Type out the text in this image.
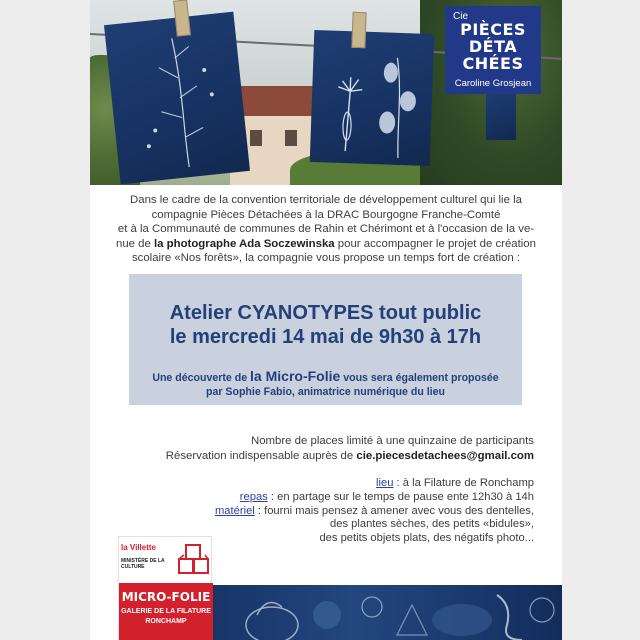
Cie
PIÈCES
DÉTA
CHÉES
Caroline Grosjean
Dans le cadre de la convention territoriale de développement culturel qui lie la
compagnie Pièces Détachées à la DRAC Bourgogne Franche-Comté
et à la Communauté de communes de Rahin et Chérimont et à l'occasion de la ve-
nue de la photographe Ada Soczewinska pour accompagner le projet de création
scolaire «Nos forêts», la compagnie vous propose un temps fort de création :
Atelier CYANOTYPES tout public
le mercredi 14 mai de 9h30 à 17h
Une découverte de la Micro-Folie vous sera également proposée
par Sophie Fabio, animatrice numérique du lieu
Nombre de places limité à une quinzaine de participants
Réservation indispensable auprès de cie.piecesdetachees@gmail.com
lieu : à la Filature de Ronchamp
repas : en partage sur le temps de pause ente 12h30 à 14h
matériel : fourni mais pensez à amener avec vous des dentelles,
des plantes sèches, des petits «bidules»,
des petits objets plats, des négatifs photo...
la Villette
MINISTÈRE DE LA CULTURE
MICRO-FOLIE
GALERIE DE LA FILATURE
RONCHAMP
